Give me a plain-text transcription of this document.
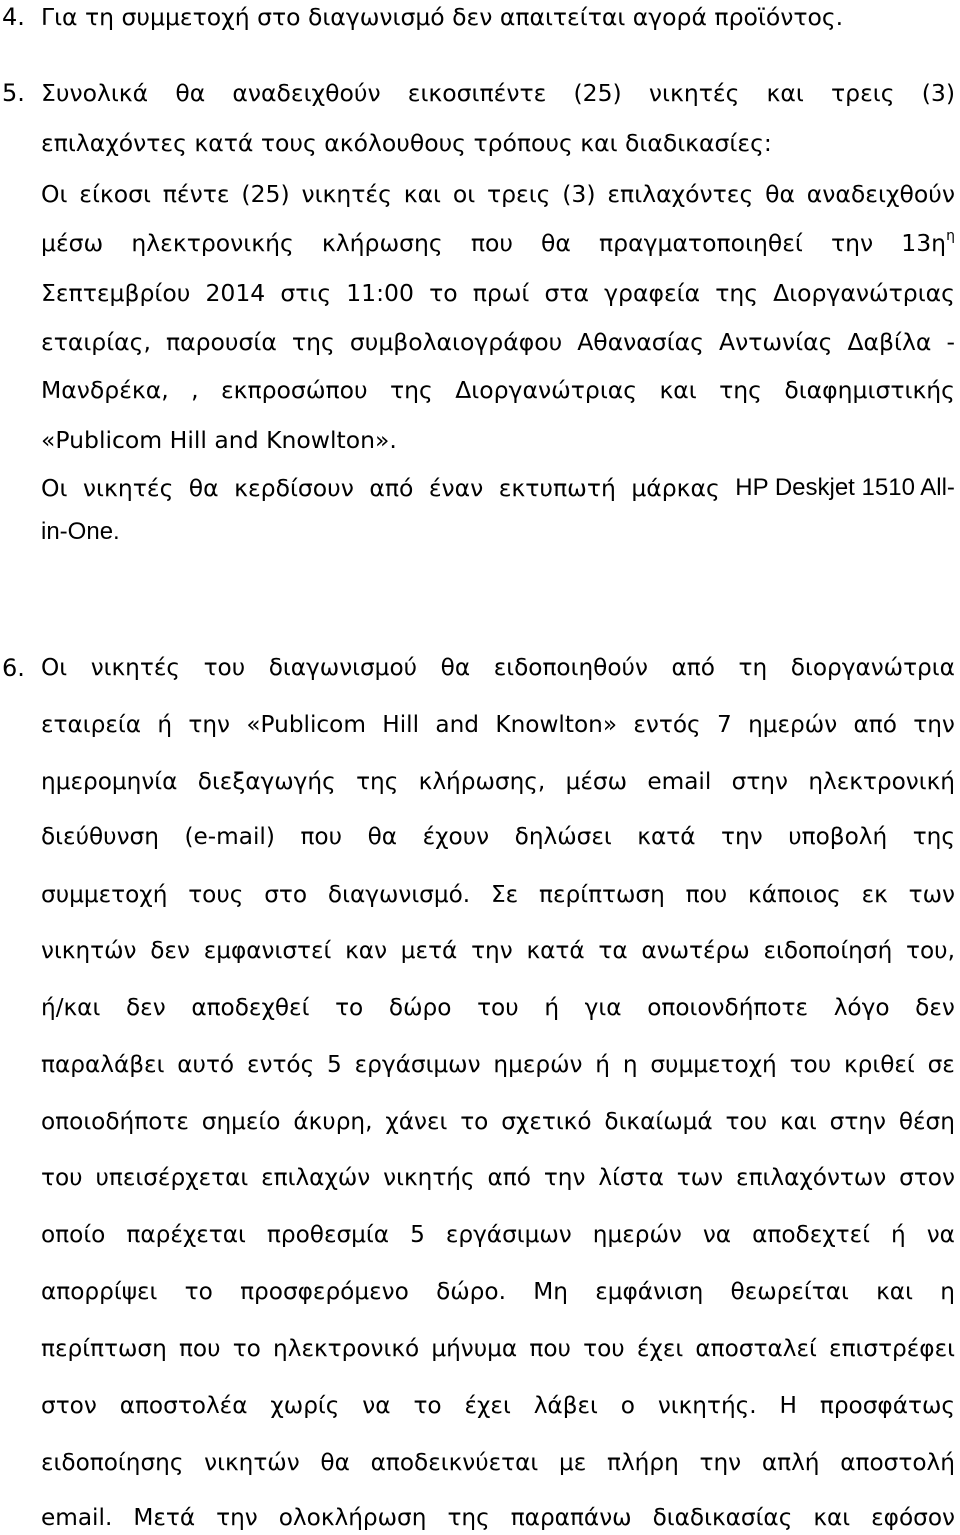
4. Για τη συμμετοχή στο διαγωνισμό δεν απαιτείται αγορά προϊόντος.
5. Συνολικά θα αναδειχθούν εικοσιπέντε (25) νικητές και τρεις (3)
επιλαχόντες κατά τους ακόλουθους τρόπους και διαδικασίες:
Οι είκοσι πέντε (25) νικητές και οι τρεις (3) επιλαχόντες θα αναδειχθούν
μέσω ηλεκτρονικής κλήρωσης που θα πραγματοποιηθεί την $13\eta^\eta$
Σεπτεμβρίου 2014 στις 11:00 το πρωί στα γραφεία της Διοργανώτριας
εταιρίας, παρουσία της συμβολαιογράφου Αθανασίας Αντωνίας Δαβίλα -
Μανδρέκα, , εκπροσώπου της Διοργανώτριας και της διαφημιστικής
«Publicom Hill and Knowlton».
Οι νικητές θα κερδίσουν από έναν εκτυπωτή μάρκας HP Deskjet 1510 All-
in-One.
6. Οι νικητές του διαγωνισμού θα ειδοποιηθούν από τη διοργανώτρια
εταιρεία ή την «Publicom Hill and Knowlton» εντός 7 ημερών από την
ημερομηνία διεξαγωγής της κλήρωσης, μέσω email στην ηλεκτρονική
διεύθυνση (e-mail) που θα έχουν δηλώσει κατά την υποβολή της
συμμετοχή τους στο διαγωνισμό. Σε περίπτωση που κάποιος εκ των
νικητών δεν εμφανιστεί καν μετά την κατά τα ανωτέρω ειδοποίησή του,
ή/και δεν αποδεχθεί το δώρο του ή για οποιονδήποτε λόγο δεν
παραλάβει αυτό εντός 5 εργάσιμων ημερών ή η συμμετοχή του κριθεί σε
οποιοδήποτε σημείο άκυρη, χάνει το σχετικό δικαίωμά του και στην θέση
του υπεισέρχεται επιλαχών νικητής από την λίστα των επιλαχόντων στον
οποίο παρέχεται προθεσμία 5 εργάσιμων ημερών να αποδεχτεί ή να
απορρίψει το προσφερόμενο δώρο. Μη εμφάνιση θεωρείται και η
περίπτωση που το ηλεκτρονικό μήνυμα που του έχει αποσταλεί επιστρέφει
στον αποστολέα χωρίς να το έχει λάβει ο νικητής. Η προσφάτως
ειδοποίησης νικητών θα αποδεικνύεται με πλήρη την απλή αποστολή
email. Μετά την ολοκλήρωση της παραπάνω διαδικασίας και εφόσον
